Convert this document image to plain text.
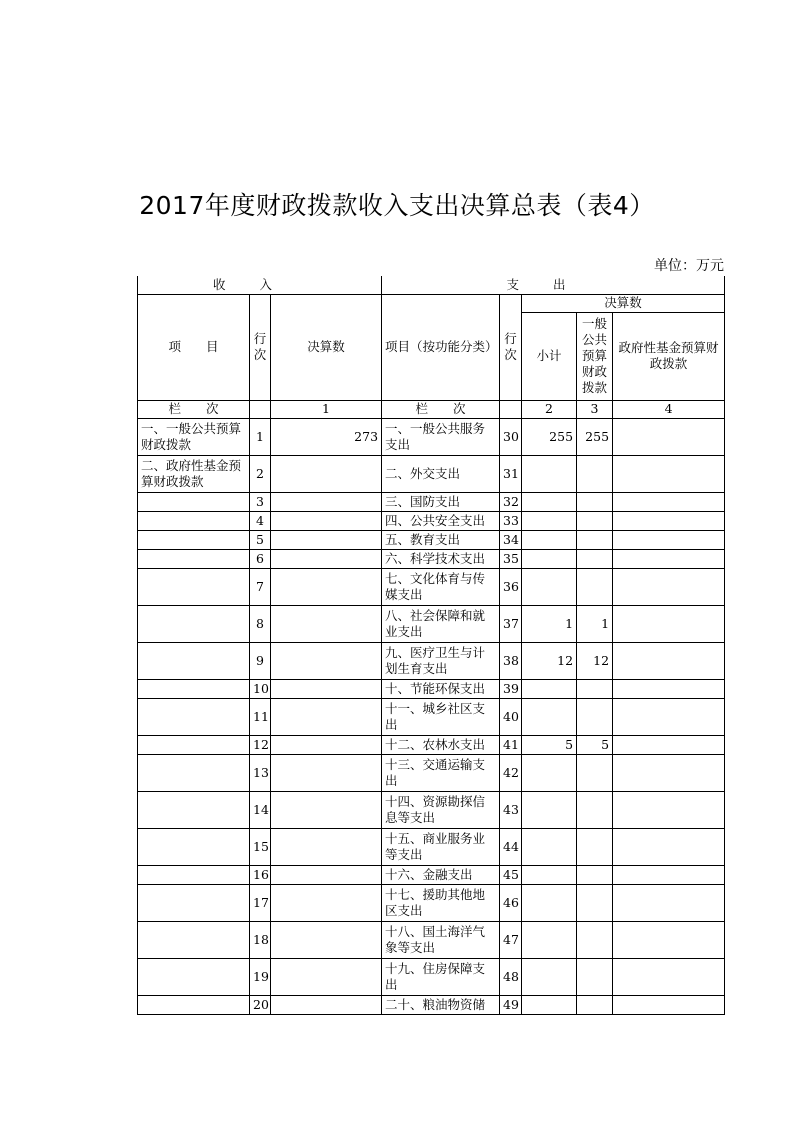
2017年度财政拨款收入支出决算总表（表4）
单位：万元
收入			支出				
项　　目	行次	决算数	项目（按功能分类）	行次	决算数		
					小计	一般公共预算财政拨款	政府性基金预算财政拨款
栏　　次		1	栏　　次		2	3	4
一、一般公共预算财政拨款	1	273	一、一般公共服务支出	30	255	255	
二、政府性基金预算财政拨款	2		二、外交支出	31			
	3		三、国防支出	32			
	4		四、公共安全支出	33			
	5		五、教育支出	34			
	6		六、科学技术支出	35			
	7		七、文化体育与传媒支出	36			
	8		八、社会保障和就业支出	37	1	1	
	9		九、医疗卫生与计划生育支出	38	12	12	
	10		十、节能环保支出	39			
	11		十一、城乡社区支出	40			
	12		十二、农林水支出	41	5	5	
	13		十三、交通运输支出	42			
	14		十四、资源勘探信息等支出	43			
	15		十五、商业服务业等支出	44			
	16		十六、金融支出	45			
	17		十七、援助其他地区支出	46			
	18		十八、国土海洋气象等支出	47			
	19		十九、住房保障支出	48			
	20		二十、粮油物资储	49			
